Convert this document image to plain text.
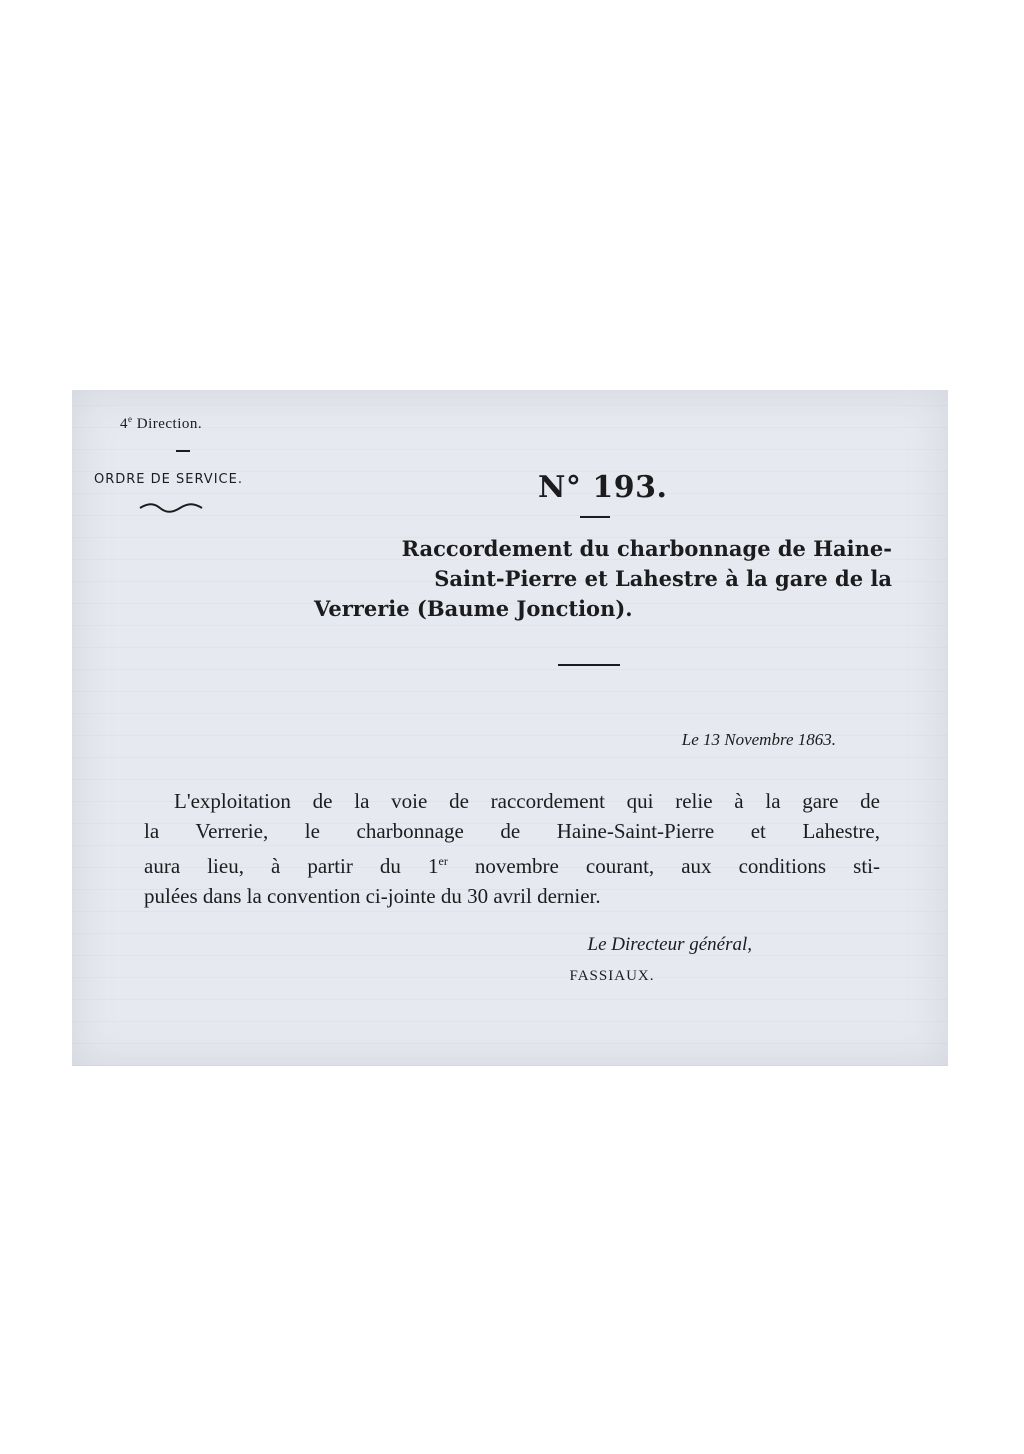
4e Direction.
ORDRE DE SERVICE.	N° 193.
Raccordement du charbonnage de Haine-
Saint-Pierre et Lahestre à la gare de la
Verrerie (Baume Jonction).
Le 13 Novembre 1863.
L'exploitation de la voie de raccordement qui relie à la gare de
la Verrerie, le charbonnage de Haine-Saint-Pierre et Lahestre,
aura lieu, à partir du 1er novembre courant, aux conditions sti-
pulées dans la convention ci-jointe du 30 avril dernier.
Le Directeur général,
FASSIAUX.
